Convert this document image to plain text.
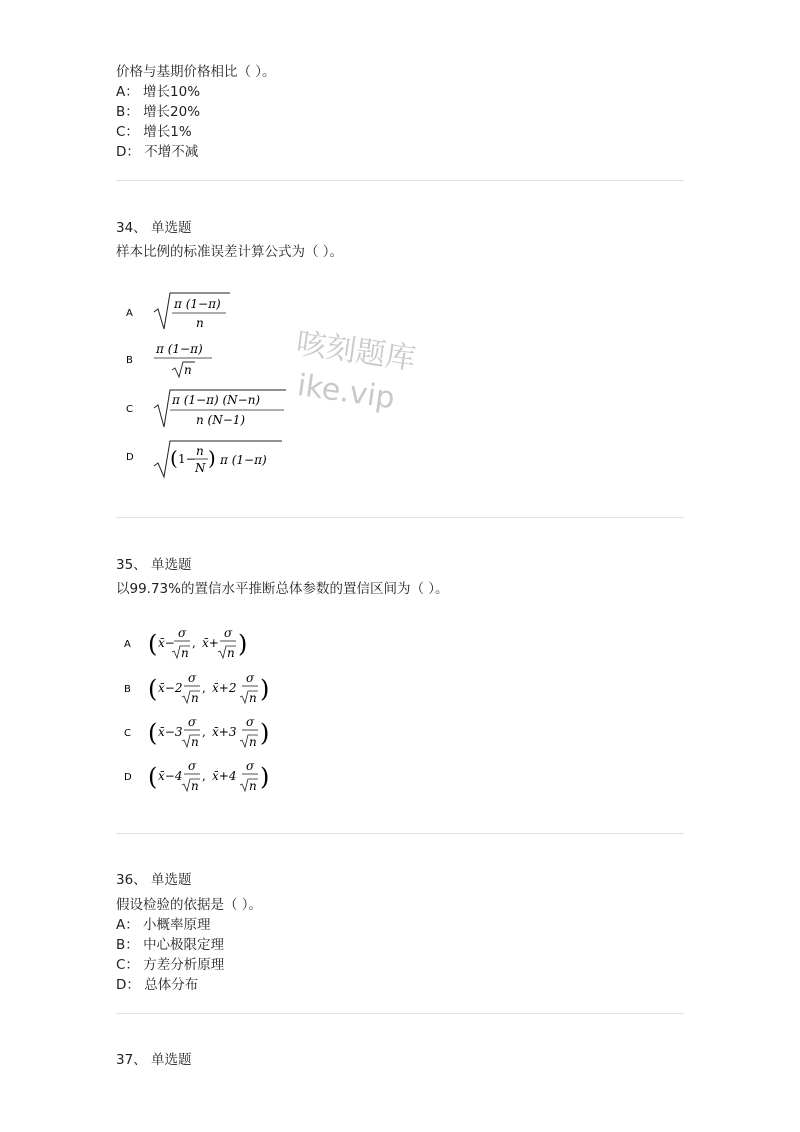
价格与基期价格相比（ ）。
A： 增长10%
B： 增长20%
C： 增长1%
D： 不增不减
34、 单选题
样本比例的标准误差计算公式为（ ）。
A
π (1−π)
n
B
π (1−π)
n
C
π (1−π) (N−n)
n (N−1)
D ( 1−
n
N ) π (1−π)
35、 单选题
以99.73%的置信水平推断总体参数的置信区间为（ ）。
A ( x̄−
σ
n
, x̄+
σ
n )
B ( x̄−2
σ
n
, x̄+2
σ
n )
C ( x̄−3
σ
n
, x̄+3
σ
n )
D ( x̄−4
σ
n
, x̄+4
σ
n )
36、 单选题
假设检验的依据是（ ）。
A： 小概率原理
B： 中心极限定理
C： 方差分析原理
D： 总体分布
37、 单选题
咳刻题库
ike.vip
